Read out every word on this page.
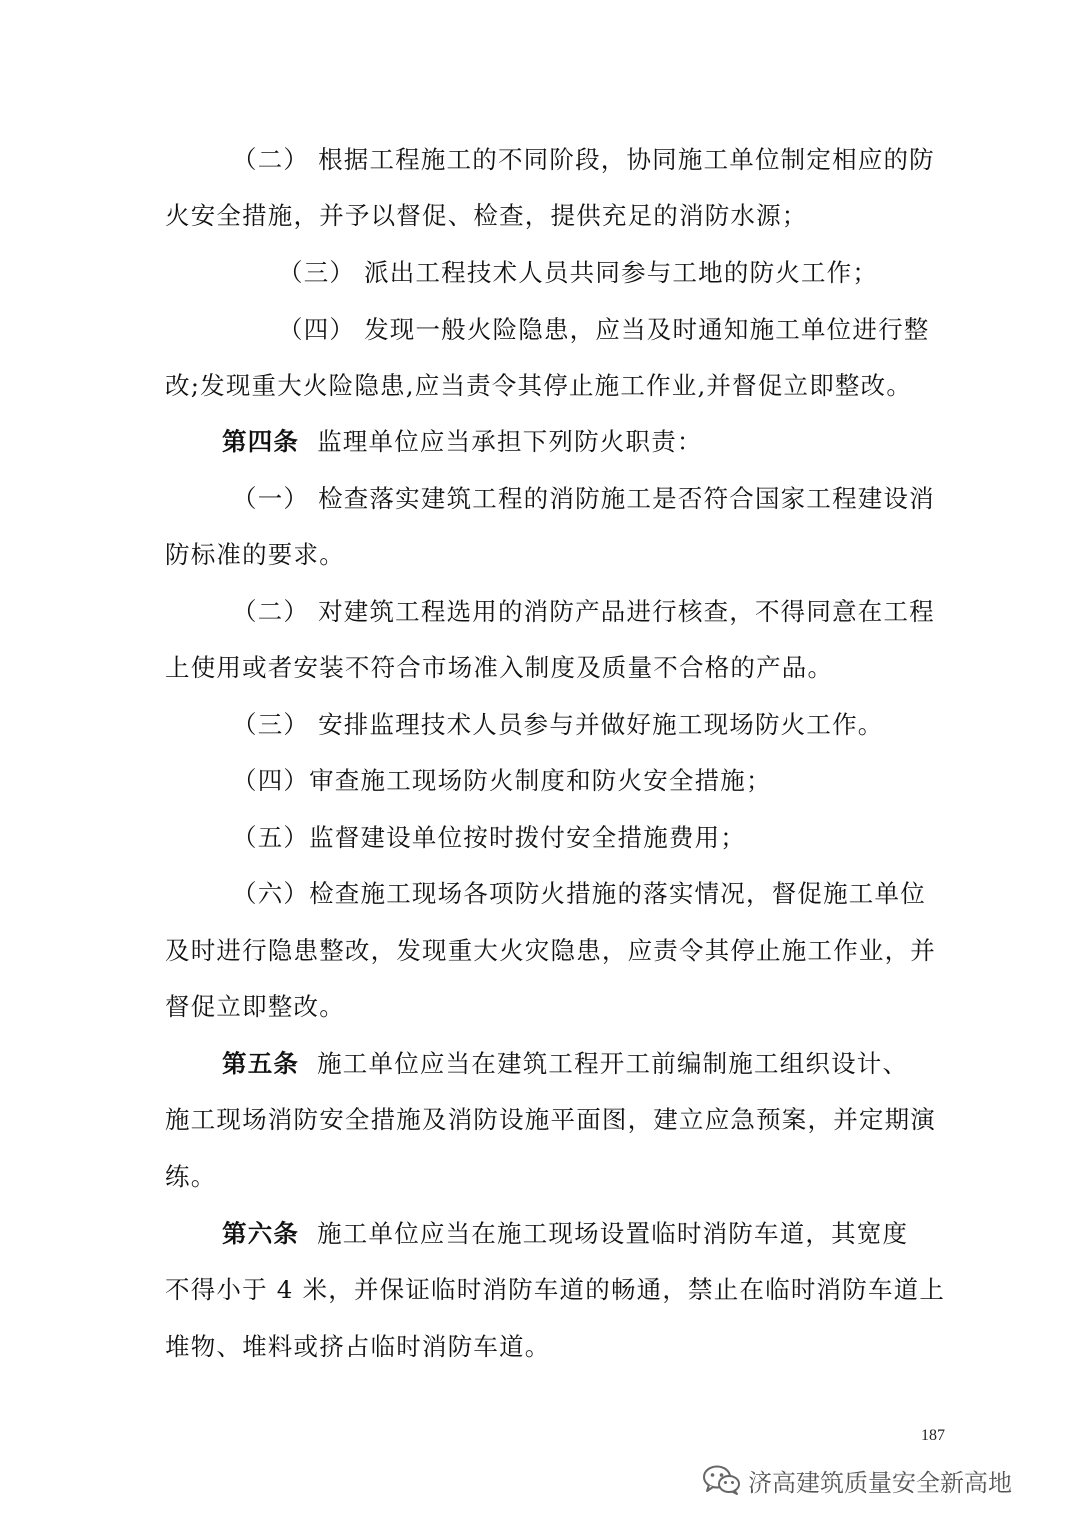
（二） 根据工程施工的不同阶段，协同施工单位制定相应的防
火安全措施，并予以督促、检查，提供充足的消防水源；
（三） 派出工程技术人员共同参与工地的防火工作；
（四） 发现一般火险隐患，应当及时通知施工单位进行整
改;发现重大火险隐患,应当责令其停止施工作业,并督促立即整改。
第四条 监理单位应当承担下列防火职责：
（一） 检查落实建筑工程的消防施工是否符合国家工程建设消
防标准的要求。
（二） 对建筑工程选用的消防产品进行核查，不得同意在工程
上使用或者安装不符合市场准入制度及质量不合格的产品。
（三） 安排监理技术人员参与并做好施工现场防火工作。
（四）审查施工现场防火制度和防火安全措施；
（五）监督建设单位按时拨付安全措施费用；
（六）检查施工现场各项防火措施的落实情况，督促施工单位
及时进行隐患整改，发现重大火灾隐患，应责令其停止施工作业，并
督促立即整改。
第五条 施工单位应当在建筑工程开工前编制施工组织设计、
施工现场消防安全措施及消防设施平面图，建立应急预案，并定期演
练。
第六条 施工单位应当在施工现场设置临时消防车道，其宽度
不得小于 4 米，并保证临时消防车道的畅通，禁止在临时消防车道上
堆物、堆料或挤占临时消防车道。
187
济高建筑质量安全新高地
